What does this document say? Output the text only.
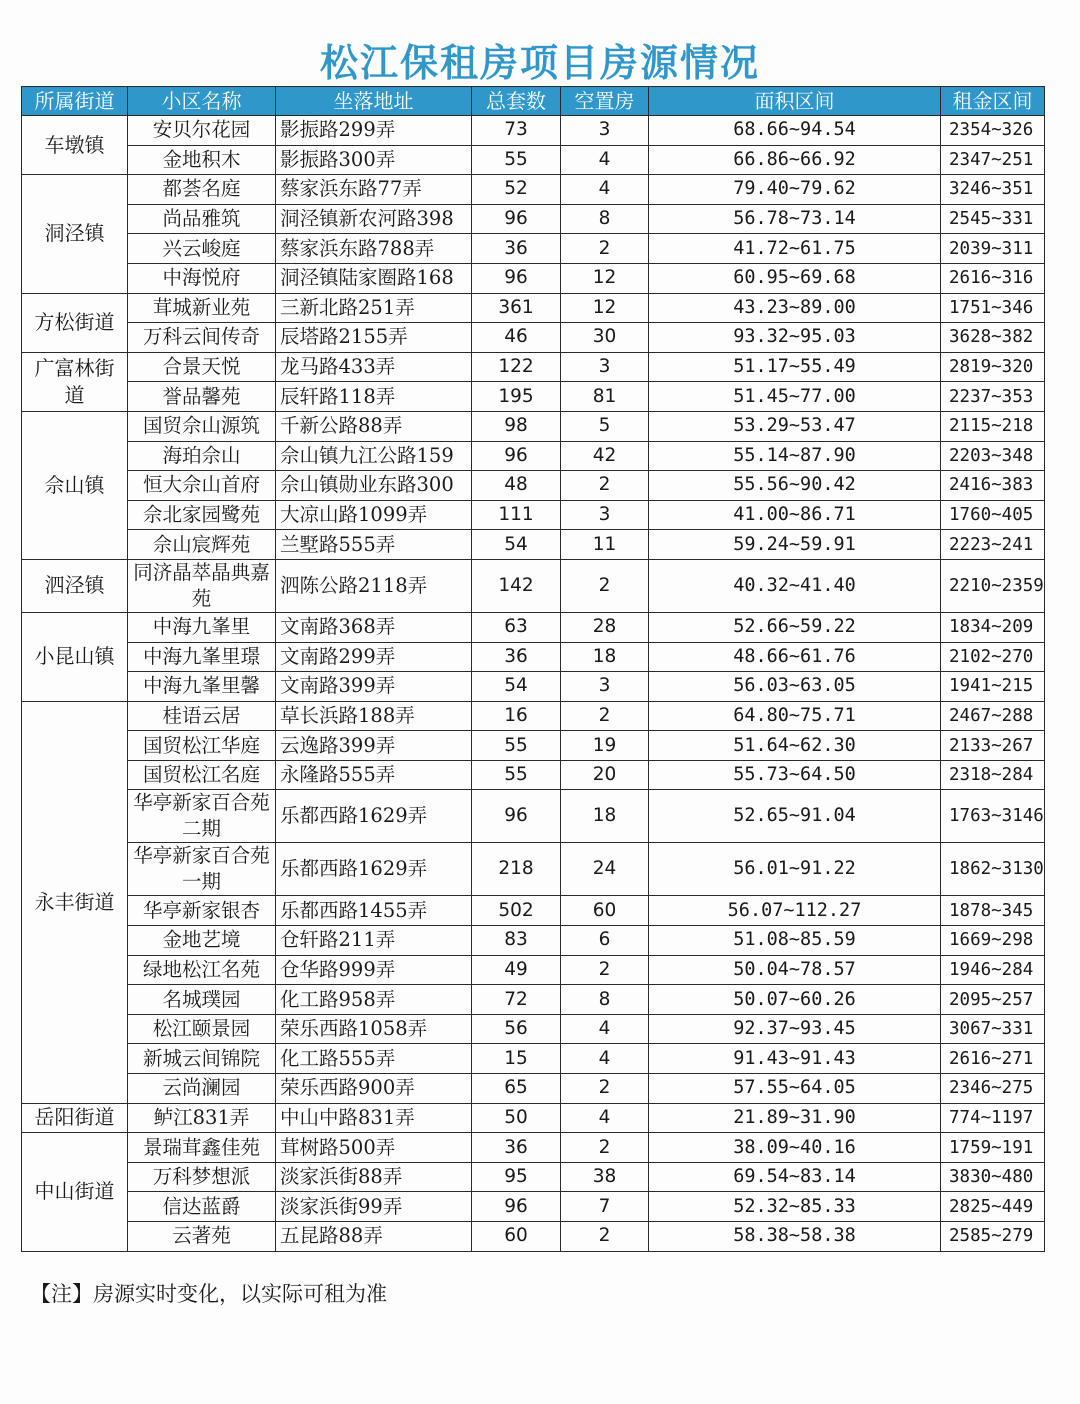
松江保租房项目房源情况
所属街道	小区名称	坐落地址	总套数	空置房	面积区间	租金区间
车墩镇	安贝尔花园	影振路299弄	73	3	68.66~94.54	2354~326
	金地积木	影振路300弄	55	4	66.86~66.92	2347~251
洞泾镇	都荟名庭	蔡家浜东路77弄	52	4	79.40~79.62	3246~351
	尚品雅筑	洞泾镇新农河路398	96	8	56.78~73.14	2545~331
	兴云峻庭	蔡家浜东路788弄	36	2	41.72~61.75	2039~311
	中海悦府	洞泾镇陆家圈路168	96	12	60.95~69.68	2616~316
方松街道	茸城新业苑	三新北路251弄	361	12	43.23~89.00	1751~346
	万科云间传奇	辰塔路2155弄	46	30	93.32~95.03	3628~382
广富林街道	合景天悦	龙马路433弄	122	3	51.17~55.49	2819~320
	誉品馨苑	辰轩路118弄	195	81	51.45~77.00	2237~353
佘山镇	国贸佘山源筑	千新公路88弄	98	5	53.29~53.47	2115~218
	海珀佘山	佘山镇九江公路159	96	42	55.14~87.90	2203~348
	恒大佘山首府	佘山镇勋业东路300	48	2	55.56~90.42	2416~383
	佘北家园鹭苑	大凉山路1099弄	111	3	41.00~86.71	1760~405
	佘山宸辉苑	兰墅路555弄	54	11	59.24~59.91	2223~241
泗泾镇	同济晶萃晶典嘉苑	泗陈公路2118弄	142	2	40.32~41.40	2210~2359
小昆山镇	中海九峯里	文南路368弄	63	28	52.66~59.22	1834~209
	中海九峯里璟	文南路299弄	36	18	48.66~61.76	2102~270
	中海九峯里馨	文南路399弄	54	3	56.03~63.05	1941~215
永丰街道	桂语云居	草长浜路188弄	16	2	64.80~75.71	2467~288
	国贸松江华庭	云逸路399弄	55	19	51.64~62.30	2133~267
	国贸松江名庭	永隆路555弄	55	20	55.73~64.50	2318~284
	华亭新家百合苑二期	乐都西路1629弄	96	18	52.65~91.04	1763~3146
	华亭新家百合苑一期	乐都西路1629弄	218	24	56.01~91.22	1862~3130
	华亭新家银杏	乐都西路1455弄	502	60	56.07~112.27	1878~345
	金地艺境	仓轩路211弄	83	6	51.08~85.59	1669~298
	绿地松江名苑	仓华路999弄	49	2	50.04~78.57	1946~284
	名城璞园	化工路958弄	72	8	50.07~60.26	2095~257
	松江颐景园	荣乐西路1058弄	56	4	92.37~93.45	3067~331
	新城云间锦院	化工路555弄	15	4	91.43~91.43	2616~271
	云尚澜园	荣乐西路900弄	65	2	57.55~64.05	2346~275
岳阳街道	鲈江831弄	中山中路831弄	50	4	21.89~31.90	774~1197
中山街道	景瑞茸鑫佳苑	茸树路500弄	36	2	38.09~40.16	1759~191
	万科梦想派	淡家浜街88弄	95	38	69.54~83.14	3830~480
	信达蓝爵	淡家浜街99弄	96	7	52.32~85.33	2825~449
	云著苑	五昆路88弄	60	2	58.38~58.38	2585~279
【注】房源实时变化，以实际可租为准
